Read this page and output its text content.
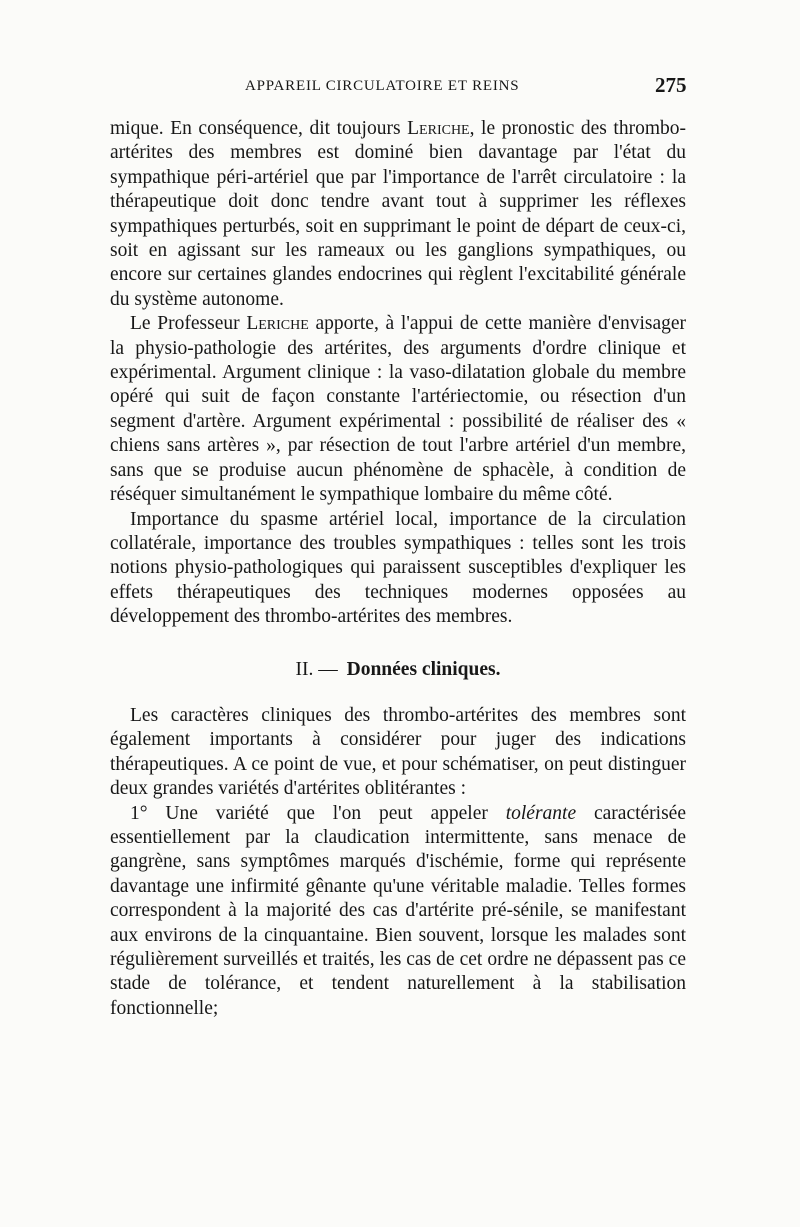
APPAREIL CIRCULATOIRE ET REINS	275

mique. En conséquence, dit toujours Leriche, le pronostic des thrombo-artérites des membres est dominé bien davantage par l'état du sympathique péri-artériel que par l'importance de l'arrêt circulatoire : la thérapeutique doit donc tendre avant tout à supprimer les réflexes sympathiques perturbés, soit en supprimant le point de départ de ceux-ci, soit en agissant sur les rameaux ou les ganglions sympathiques, ou encore sur certaines glandes endocrines qui règlent l'excitabilité générale du système autonome.

Le Professeur Leriche apporte, à l'appui de cette manière d'envisager la physio-pathologie des artérites, des arguments d'ordre clinique et expérimental. Argument clinique : la vaso-dilatation globale du membre opéré qui suit de façon constante l'artériectomie, ou résection d'un segment d'artère. Argument expérimental : possibilité de réaliser des « chiens sans artères », par résection de tout l'arbre artériel d'un membre, sans que se produise aucun phénomène de sphacèle, à condition de réséquer simultanément le sympathique lombaire du même côté.

Importance du spasme artériel local, importance de la circulation collatérale, importance des troubles sympathiques : telles sont les trois notions physio-pathologiques qui paraissent susceptibles d'expliquer les effets thérapeutiques des techniques modernes opposées au développement des thrombo-artérites des membres.

II. — Données cliniques.

Les caractères cliniques des thrombo-artérites des membres sont également importants à considérer pour juger des indications thérapeutiques. A ce point de vue, et pour schématiser, on peut distinguer deux grandes variétés d'artérites oblitérantes :

1° Une variété que l'on peut appeler tolérante caractérisée essentiellement par la claudication intermittente, sans menace de gangrène, sans symptômes marqués d'ischémie, forme qui représente davantage une infirmité gênante qu'une véritable maladie. Telles formes correspondent à la majorité des cas d'artérite pré-sénile, se manifestant aux environs de la cinquantaine. Bien souvent, lorsque les malades sont régulièrement surveillés et traités, les cas de cet ordre ne dépassent pas ce stade de tolérance, et tendent naturellement à la stabilisation fonctionnelle;
